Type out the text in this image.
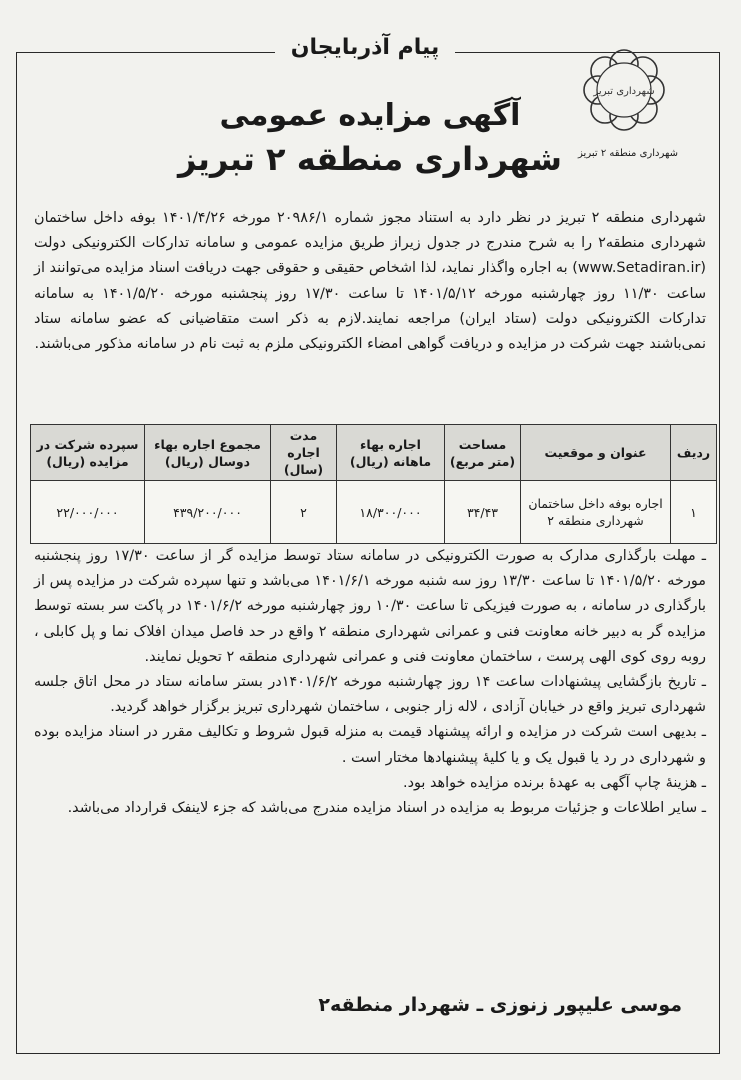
پیام آذربایجان
شهرداری تبریز
شهرداری منطقه ۲ تبریز
آگهی مزایده عمومی
شهرداری منطقه ۲ تبریز
شهرداری منطقه ۲ تبریز در نظر دارد به استناد مجوز شماره ۲۰۹۸۶/۱ مورخه ۱۴۰۱/۴/۲۶ بوفه داخل ساختمان شهرداری منطقه۲ را به شرح مندرج در جدول زیراز طریق مزایده عمومی و سامانه تدارکات الکترونیکی دولت (www.Setadiran.ir) به اجاره واگذار نماید، لذا اشخاص حقیقی و حقوقی جهت دریافت اسناد مزایده می‌توانند از ساعت ۱۱/۳۰ روز چهارشنبه مورخه ۱۴۰۱/۵/۱۲ تا ساعت ۱۷/۳۰ روز پنجشنبه مورخه ۱۴۰۱/۵/۲۰ به سامانه تدارکات الکترونیکی دولت (ستاد ایران) مراجعه نمایند.لازم به ذکر است متقاضیانی که عضو سامانه ستاد نمی‌باشند جهت شرکت در مزایده و دریافت گواهی امضاء الکترونیکی ملزم به ثبت نام در سامانه مذکور می‌باشند.
ردیف	عنوان و موقعیت	مساحت (متر مربع)	اجاره بهاء ماهانه (ریال)	مدت اجاره (سال)	مجموع اجاره بهاء دوسال (ریال)	سپرده شرکت در مزایده (ریال)
۱	اجاره بوفه داخل ساختمان شهرداری منطقه ۲	۳۴/۴۳	۱۸/۳۰۰/۰۰۰	۲	۴۳۹/۲۰۰/۰۰۰	۲۲/۰۰۰/۰۰۰

ـ مهلت بارگذاری مدارک به صورت الکترونیکی در سامانه ستاد توسط مزایده گر از ساعت ۱۷/۳۰ روز پنجشنبه مورخه ۱۴۰۱/۵/۲۰ تا ساعت ۱۳/۳۰ روز سه شنبه مورخه ۱۴۰۱/۶/۱ می‌باشد و تنها سپرده شرکت در مزایده پس از بارگذاری در سامانه ، به صورت فیزیکی تا ساعت ۱۰/۳۰ روز چهارشنبه مورخه ۱۴۰۱/۶/۲ در پاکت سر بسته توسط مزایده گر به دبیر خانه معاونت فنی و عمرانی شهرداری منطقه ۲ واقع در حد فاصل میدان افلاک نما و پل کابلی ، روبه روی کوی الهی پرست ، ساختمان معاونت فنی و عمرانی شهرداری منطقه ۲ تحویل نمایند.

ـ تاریخ بازگشایی پیشنهادات ساعت ۱۴ روز چهارشنبه مورخه ۱۴۰۱/۶/۲در بستر سامانه ستاد در محل اتاق جلسه شهرداری تبریز واقع در خیابان آزادی ، لاله زار جنوبی ، ساختمان شهرداری تبریز برگزار خواهد گردید.

ـ بدیهی است شرکت در مزایده و ارائه پیشنهاد قیمت به منزله قبول شروط و تکالیف مقرر در اسناد مزایده بوده و شهرداری در رد یا قبول یک و یا کلیهٔ پیشنهادها مختار است .

ـ هزینهٔ چاپ آگهی به عهدهٔ برنده مزایده خواهد بود.

ـ سایر اطلاعات و جزئیات مربوط به مزایده در اسناد مزایده مندرج می‌باشد که جزء لاینفک قرارداد می‌باشد.

موسی علیپور زنوزی ـ شهردار منطقه۲
